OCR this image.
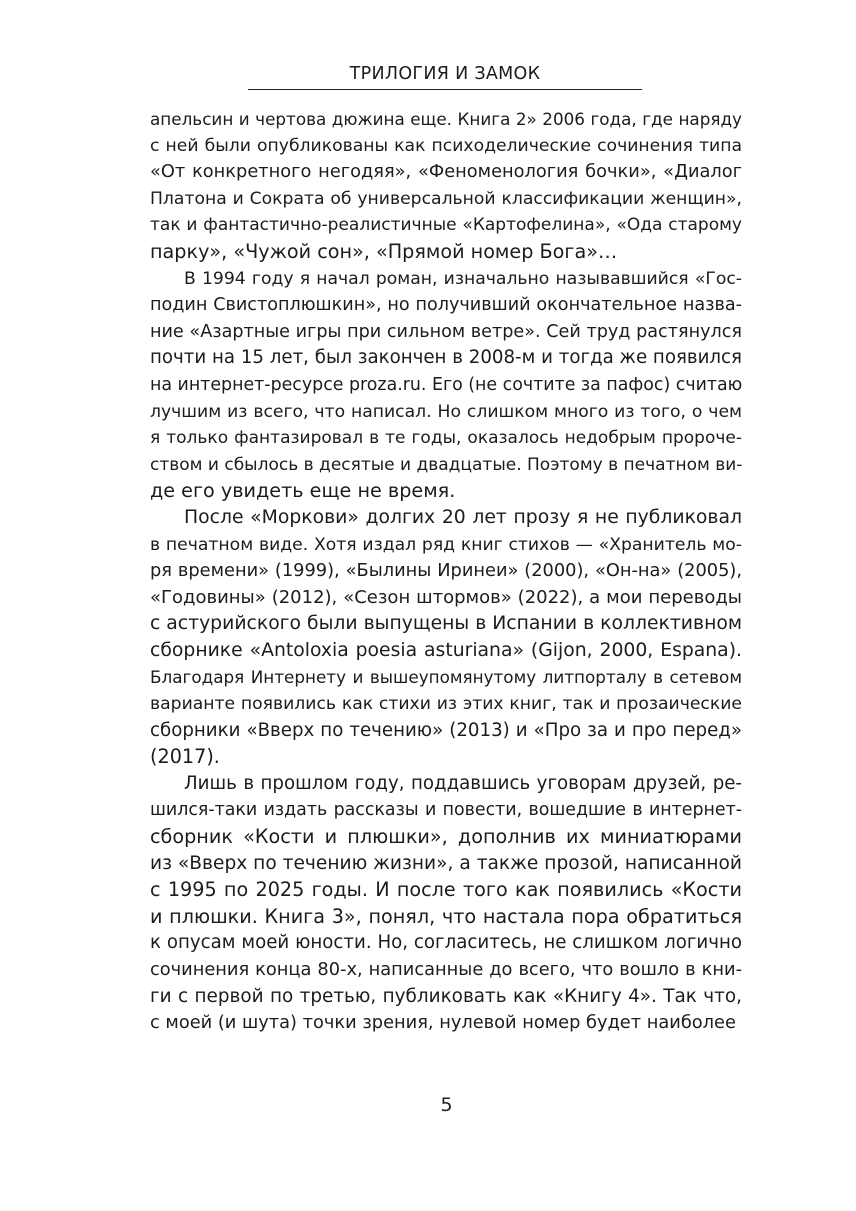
ТРИЛОГИЯ И ЗАМОК
апельсин и чертова дюжина еще. Книга 2» 2006 года, где наряду
с ней были опубликованы как психоделические сочинения типа
«От конкретного негодяя», «Феноменология бочки», «Диалог
Платона и Сократа об универсальной классификации женщин»,
так и фантастично-реалистичные «Картофелина», «Ода старому
парку», «Чужой сон», «Прямой номер Бога»…
В 1994 году я начал роман, изначально называвшийся «Гос-
подин Свистоплюшкин», но получивший окончательное назва-
ние «Азартные игры при сильном ветре». Сей труд растянулся
почти на 15 лет, был закончен в 2008-м и тогда же появился
на интернет-ресурсе proza.ru. Его (не сочтите за пафос) считаю
лучшим из всего, что написал. Но слишком много из того, о чем
я только фантазировал в те годы, оказалось недобрым пророче-
ством и сбылось в десятые и двадцатые. Поэтому в печатном ви-
де его увидеть еще не время.
После «Моркови» долгих 20 лет прозу я не публиковал
в печатном виде. Хотя издал ряд книг стихов — «Хранитель мо-
ря времени» (1999), «Былины Иринеи» (2000), «Он-на» (2005),
«Годовины» (2012), «Сезон штормов» (2022), а мои переводы
с астурийского были выпущены в Испании в коллективном
сборнике «Antoloxia poesia asturiana» (Gijon, 2000, Espana).
Благодаря Интернету и вышеупомянутому литпорталу в сетевом
варианте появились как стихи из этих книг, так и прозаические
сборники «Вверх по течению» (2013) и «Про за и про перед»
(2017).
Лишь в прошлом году, поддавшись уговорам друзей, ре-
шился-таки издать рассказы и повести, вошедшие в интернет-
сборник «Кости и плюшки», дополнив их миниатюрами
из «Вверх по течению жизни», а также прозой, написанной
с 1995 по 2025 годы. И после того как появились «Кости
и плюшки. Книга 3», понял, что настала пора обратиться
к опусам моей юности. Но, согласитесь, не слишком логично
сочинения конца 80-х, написанные до всего, что вошло в кни-
ги с первой по третью, публиковать как «Книгу 4». Так что,
с моей (и шута) точки зрения, нулевой номер будет наиболее
5
